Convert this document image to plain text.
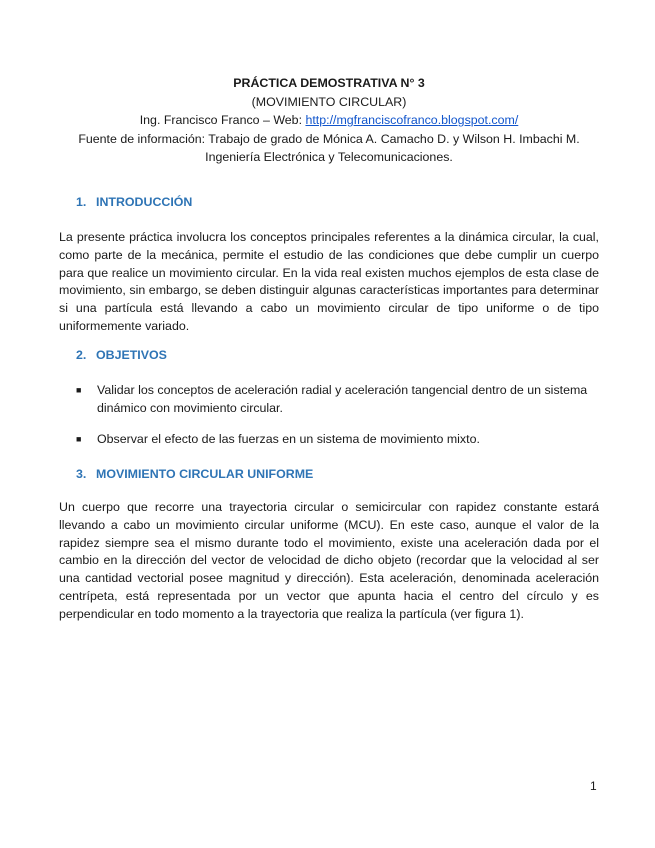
PRÁCTICA DEMOSTRATIVA N° 3
(MOVIMIENTO CIRCULAR)
Ing. Francisco Franco – Web: http://mgfranciscofranco.blogspot.com/
Fuente de información: Trabajo de grado de Mónica A. Camacho D. y Wilson H. Imbachi M.
Ingeniería Electrónica y Telecomunicaciones.
1. INTRODUCCIÓN

La presente práctica involucra los conceptos principales referentes a la dinámica circular, la cual, como parte de la mecánica, permite el estudio de las condiciones que debe cumplir un cuerpo para que realice un movimiento circular. En la vida real existen muchos ejemplos de esta clase de movimiento, sin embargo, se deben distinguir algunas características importantes para determinar si una partícula está llevando a cabo un movimiento circular de tipo uniforme o de tipo uniformemente variado.

2. OBJETIVOS
■ Validar los conceptos de aceleración radial y aceleración tangencial dentro de un sistema dinámico con movimiento circular.
■ Observar el efecto de las fuerzas en un sistema de movimiento mixto.
3. MOVIMIENTO CIRCULAR UNIFORME

Un cuerpo que recorre una trayectoria circular o semicircular con rapidez constante estará llevando a cabo un movimiento circular uniforme (MCU). En este caso, aunque el valor de la rapidez siempre sea el mismo durante todo el movimiento, existe una aceleración dada por el cambio en la dirección del vector de velocidad de dicho objeto (recordar que la velocidad al ser una cantidad vectorial posee magnitud y dirección). Esta aceleración, denominada aceleración centrípeta, está representada por un vector que apunta hacia el centro del círculo y es perpendicular en todo momento a la trayectoria que realiza la partícula (ver figura 1).

1
